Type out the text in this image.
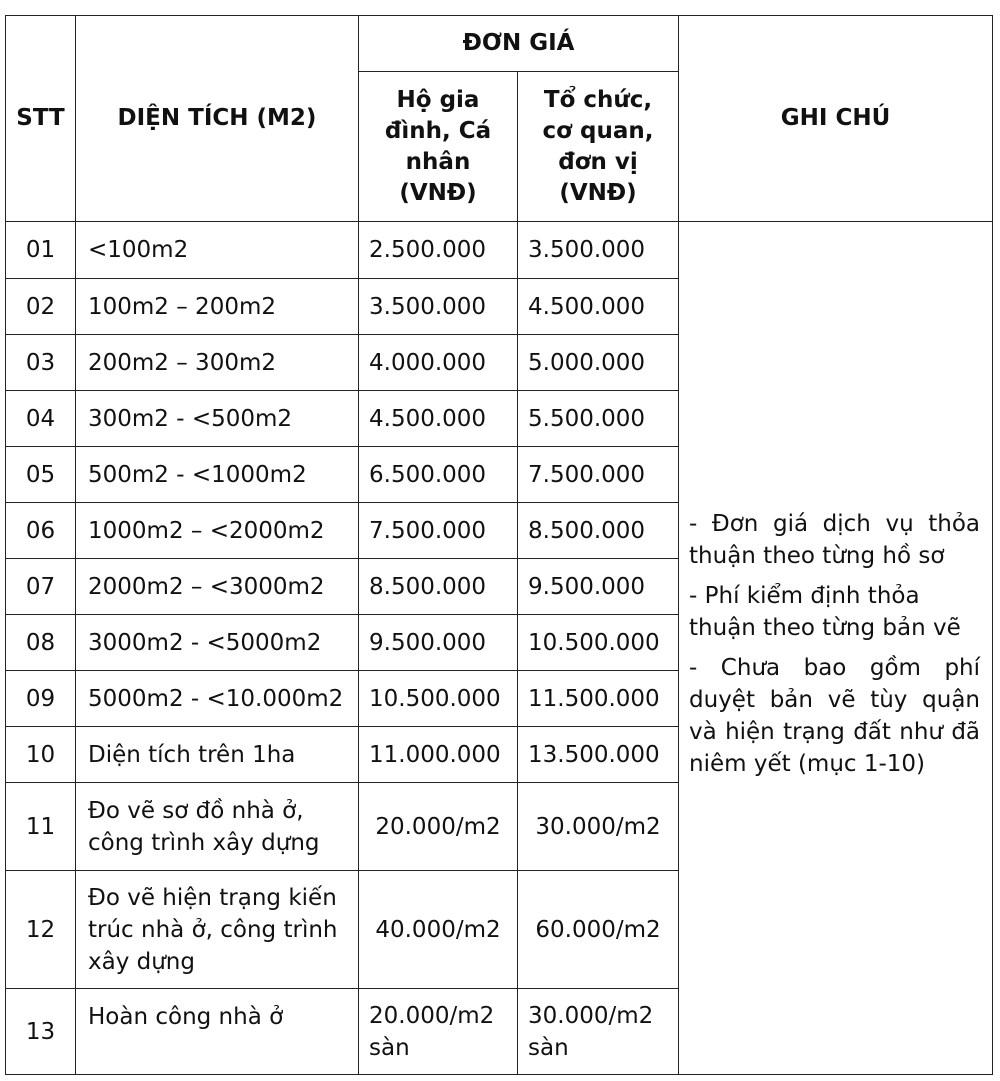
STT	DIỆN TÍCH (M2)	ĐƠN GIÁ		GHI CHÚ
		Hộ gia đình, Cá nhân (VNĐ)	Tổ chức, cơ quan, đơn vị (VNĐ)	
01	<100m2	2.500.000	3.500.000	- Đơn giá dịch vụ thỏa thuận theo từng hồ sơ

- Phí kiểm định thỏa thuận theo từng bản vẽ

- Chưa bao gồm phí duyệt bản vẽ tùy quận và hiện trạng đất như đã niêm yết (mục 1-10)

02	100m2 – 200m2	3.500.000	4.500.000	
03	200m2 – 300m2	4.000.000	5.000.000	
04	300m2 - <500m2	4.500.000	5.500.000	
05	500m2 - <1000m2	6.500.000	7.500.000	
06	1000m2 – <2000m2	7.500.000	8.500.000	
07	2000m2 – <3000m2	8.500.000	9.500.000	
08	3000m2 - <5000m2	9.500.000	10.500.000	
09	5000m2 - <10.000m2	10.500.000	11.500.000	
10	Diện tích trên 1ha	11.000.000	13.500.000	
11	Đo vẽ sơ đồ nhà ở, công trình xây dựng	20.000/m2	30.000/m2	
12	Đo vẽ hiện trạng kiến trúc nhà ở, công trình xây dựng	40.000/m2	60.000/m2	
13	Hoàn công nhà ở	20.000/m2 sàn	30.000/m2 sàn	
